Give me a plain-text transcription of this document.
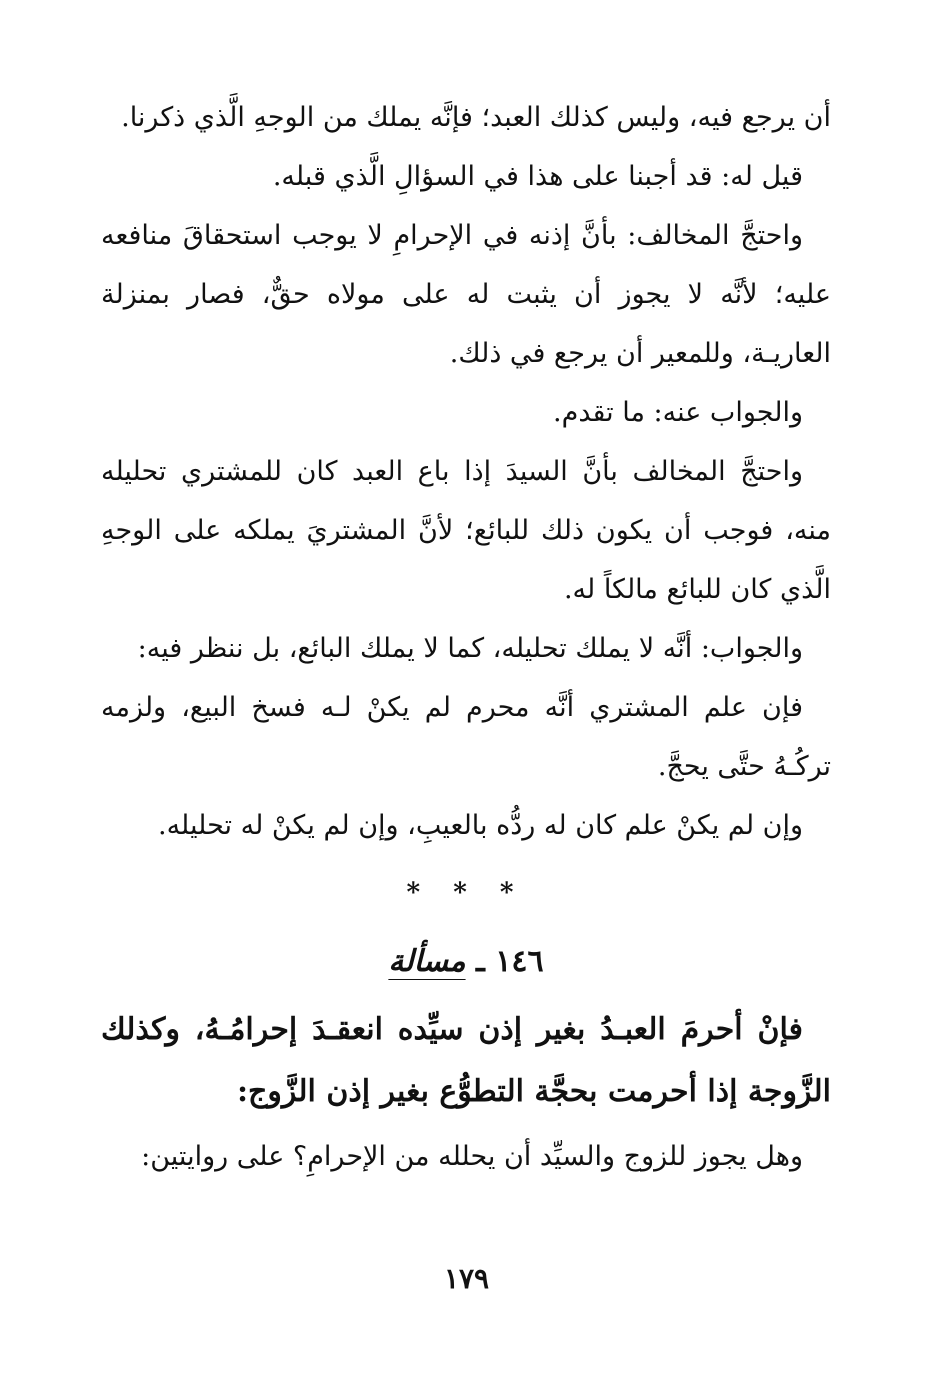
أن يرجع فيه، وليس كذلك العبد؛ فإنَّه يملك من الوجهِ الَّذي ذكرنا.

قيل له: قد أجبنا على هذا في السؤالِ الَّذي قبله.

واحتجَّ المخالف: بأنَّ إذنه في الإحرامِ لا يوجب استحقاقَ منافعه عليه؛ لأنَّه لا يجوز أن يثبت له على مولاه حقٌّ، فصار بمنزلة العاريـة، وللمعير أن يرجع في ذلك.

والجواب عنه: ما تقدم.

واحتجَّ المخالف بأنَّ السيدَ إذا باع العبد كان للمشتري تحليله منه، فوجب أن يكون ذلك للبائع؛ لأنَّ المشتريَ يملكه على الوجهِ الَّذي كان للبائع مالكاً له.

والجواب: أنَّه لا يملك تحليله، كما لا يملك البائع، بل ننظر فيه:

فإن علم المشتري أنَّه محرم لم يكنْ لـه فسخ البيع، ولزمه تركُـهُ حتَّى يحجَّ.

وإن لم يكنْ علم كان له ردُّه بالعيبِ، وإن لم يكنْ له تحليله.

* * *
١٤٦ ـ مسألة

فإنْ أحرمَ العبـدُ بغير إذن سيِّده انعقـدَ إحرامُـهُ، وكذلك الزَّوجة إذا أحرمت بحجَّة التطوُّع بغير إذن الزَّوج:

وهل يجوز للزوج والسيِّد أن يحلله من الإحرامِ؟ على روايتين:

١٧٩
